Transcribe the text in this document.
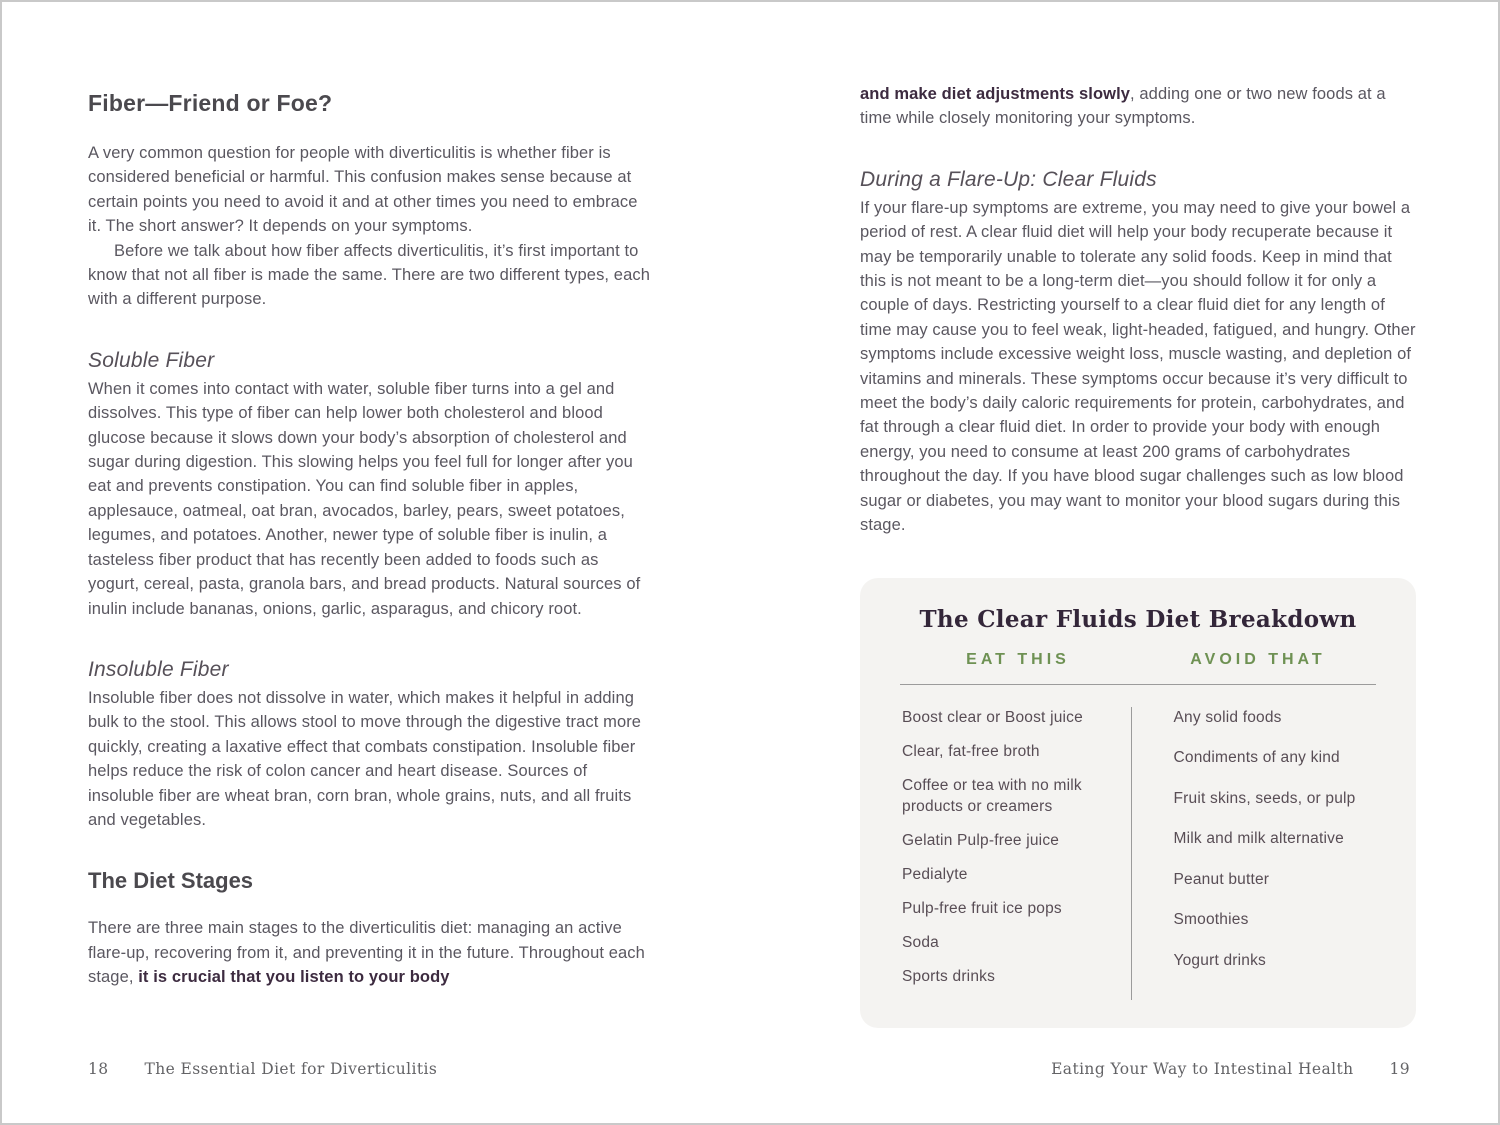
Fiber—Friend or Foe?

A very common question for people with diverticulitis is whether fiber is considered beneficial or harmful. This confusion makes sense because at certain points you need to avoid it and at other times you need to embrace it. The short answer? It depends on your symptoms.

Before we talk about how fiber affects diverticulitis, it’s first important to know that not all fiber is made the same. There are two different types, each with a different purpose.

Soluble Fiber

When it comes into contact with water, soluble fiber turns into a gel and dissolves. This type of fiber can help lower both cholesterol and blood glucose because it slows down your body’s absorption of cholesterol and sugar during digestion. This slowing helps you feel full for longer after you eat and prevents constipation. You can find soluble fiber in apples, applesauce, oatmeal, oat bran, avocados, barley, pears, sweet potatoes, legumes, and potatoes. Another, newer type of soluble fiber is inulin, a tasteless fiber product that has recently been added to foods such as yogurt, cereal, pasta, granola bars, and bread products. Natural sources of inulin include bananas, onions, garlic, asparagus, and chicory root.

Insoluble Fiber

Insoluble fiber does not dissolve in water, which makes it helpful in adding bulk to the stool. This allows stool to move through the digestive tract more quickly, creating a laxative effect that combats constipation. Insoluble fiber helps reduce the risk of colon cancer and heart disease. Sources of insoluble fiber are wheat bran, corn bran, whole grains, nuts, and all fruits and vegetables.

The Diet Stages

There are three main stages to the diverticulitis diet: managing an active flare-up, recovering from it, and preventing it in the future. Throughout each stage, it is crucial that you listen to your body

and make diet adjustments slowly, adding one or two new foods at a time while closely monitoring your symptoms.

During a Flare-Up: Clear Fluids

If your flare-up symptoms are extreme, you may need to give your bowel a period of rest. A clear fluid diet will help your body recuperate because it may be temporarily unable to tolerate any solid foods. Keep in mind that this is not meant to be a long-term diet—you should follow it for only a couple of days. Restricting yourself to a clear fluid diet for any length of time may cause you to feel weak, light-headed, fatigued, and hungry. Other symptoms include excessive weight loss, muscle wasting, and depletion of vitamins and minerals. These symptoms occur because it’s very difficult to meet the body’s daily caloric requirements for protein, carbohydrates, and fat through a clear fluid diet. In order to provide your body with enough energy, you need to consume at least 200 grams of carbohydrates throughout the day. If you have blood sugar challenges such as low blood sugar or diabetes, you may want to monitor your blood sugars during this stage.

The Clear Fluids Diet Breakdown
EAT THIS	AVOID THAT
Boost clear or Boost juice
Clear, fat-free broth
Coffee or tea with no milk products or creamers
Gelatin Pulp-free juice
Pedialyte
Pulp-free fruit ice pops
Soda
Sports drinks
Any solid foods
Condiments of any kind
Fruit skins, seeds, or pulp
Milk and milk alternative
Peanut butter
Smoothies
Yogurt drinks
18 The Essential Diet for Diverticulitis	Eating Your Way to Intestinal Health 19
